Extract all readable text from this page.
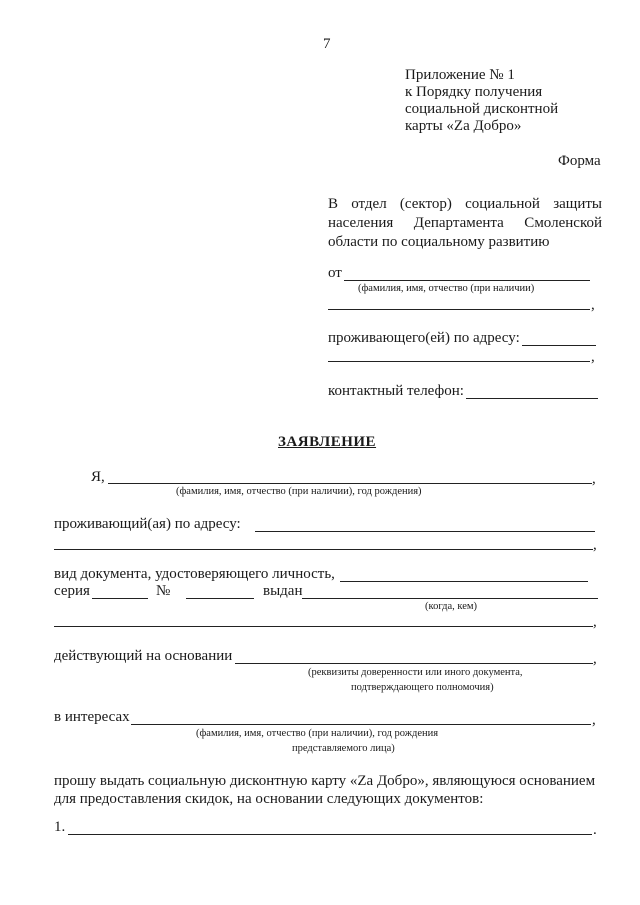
7
Приложение № 1
к Порядку получения
социальной дисконтной
карты «Za Добро»
Форма
В отдел (сектор) социальной защиты
населения Департамента Смоленской
области по социальному развитию
от
(фамилия, имя, отчество (при наличии)
,
проживающего(ей) по адресу:
,
контактный телефон:
ЗАЯВЛЕНИЕ
Я,	,
(фамилия, имя, отчество (при наличии), год рождения)
проживающий(ая) по адресу:
,
вид документа, удостоверяющего личность,
серия	№	выдан
(когда, кем)
,
действующий на основании	,
(реквизиты доверенности или иного документа,
подтверждающего полномочия)
в интересах	,
(фамилия, имя, отчество (при наличии), год рождения
представляемого лица)
прошу выдать социальную дисконтную карту «Za Добро», являющуюся основанием
для предоставления скидок, на основании следующих документов:
1.	.
